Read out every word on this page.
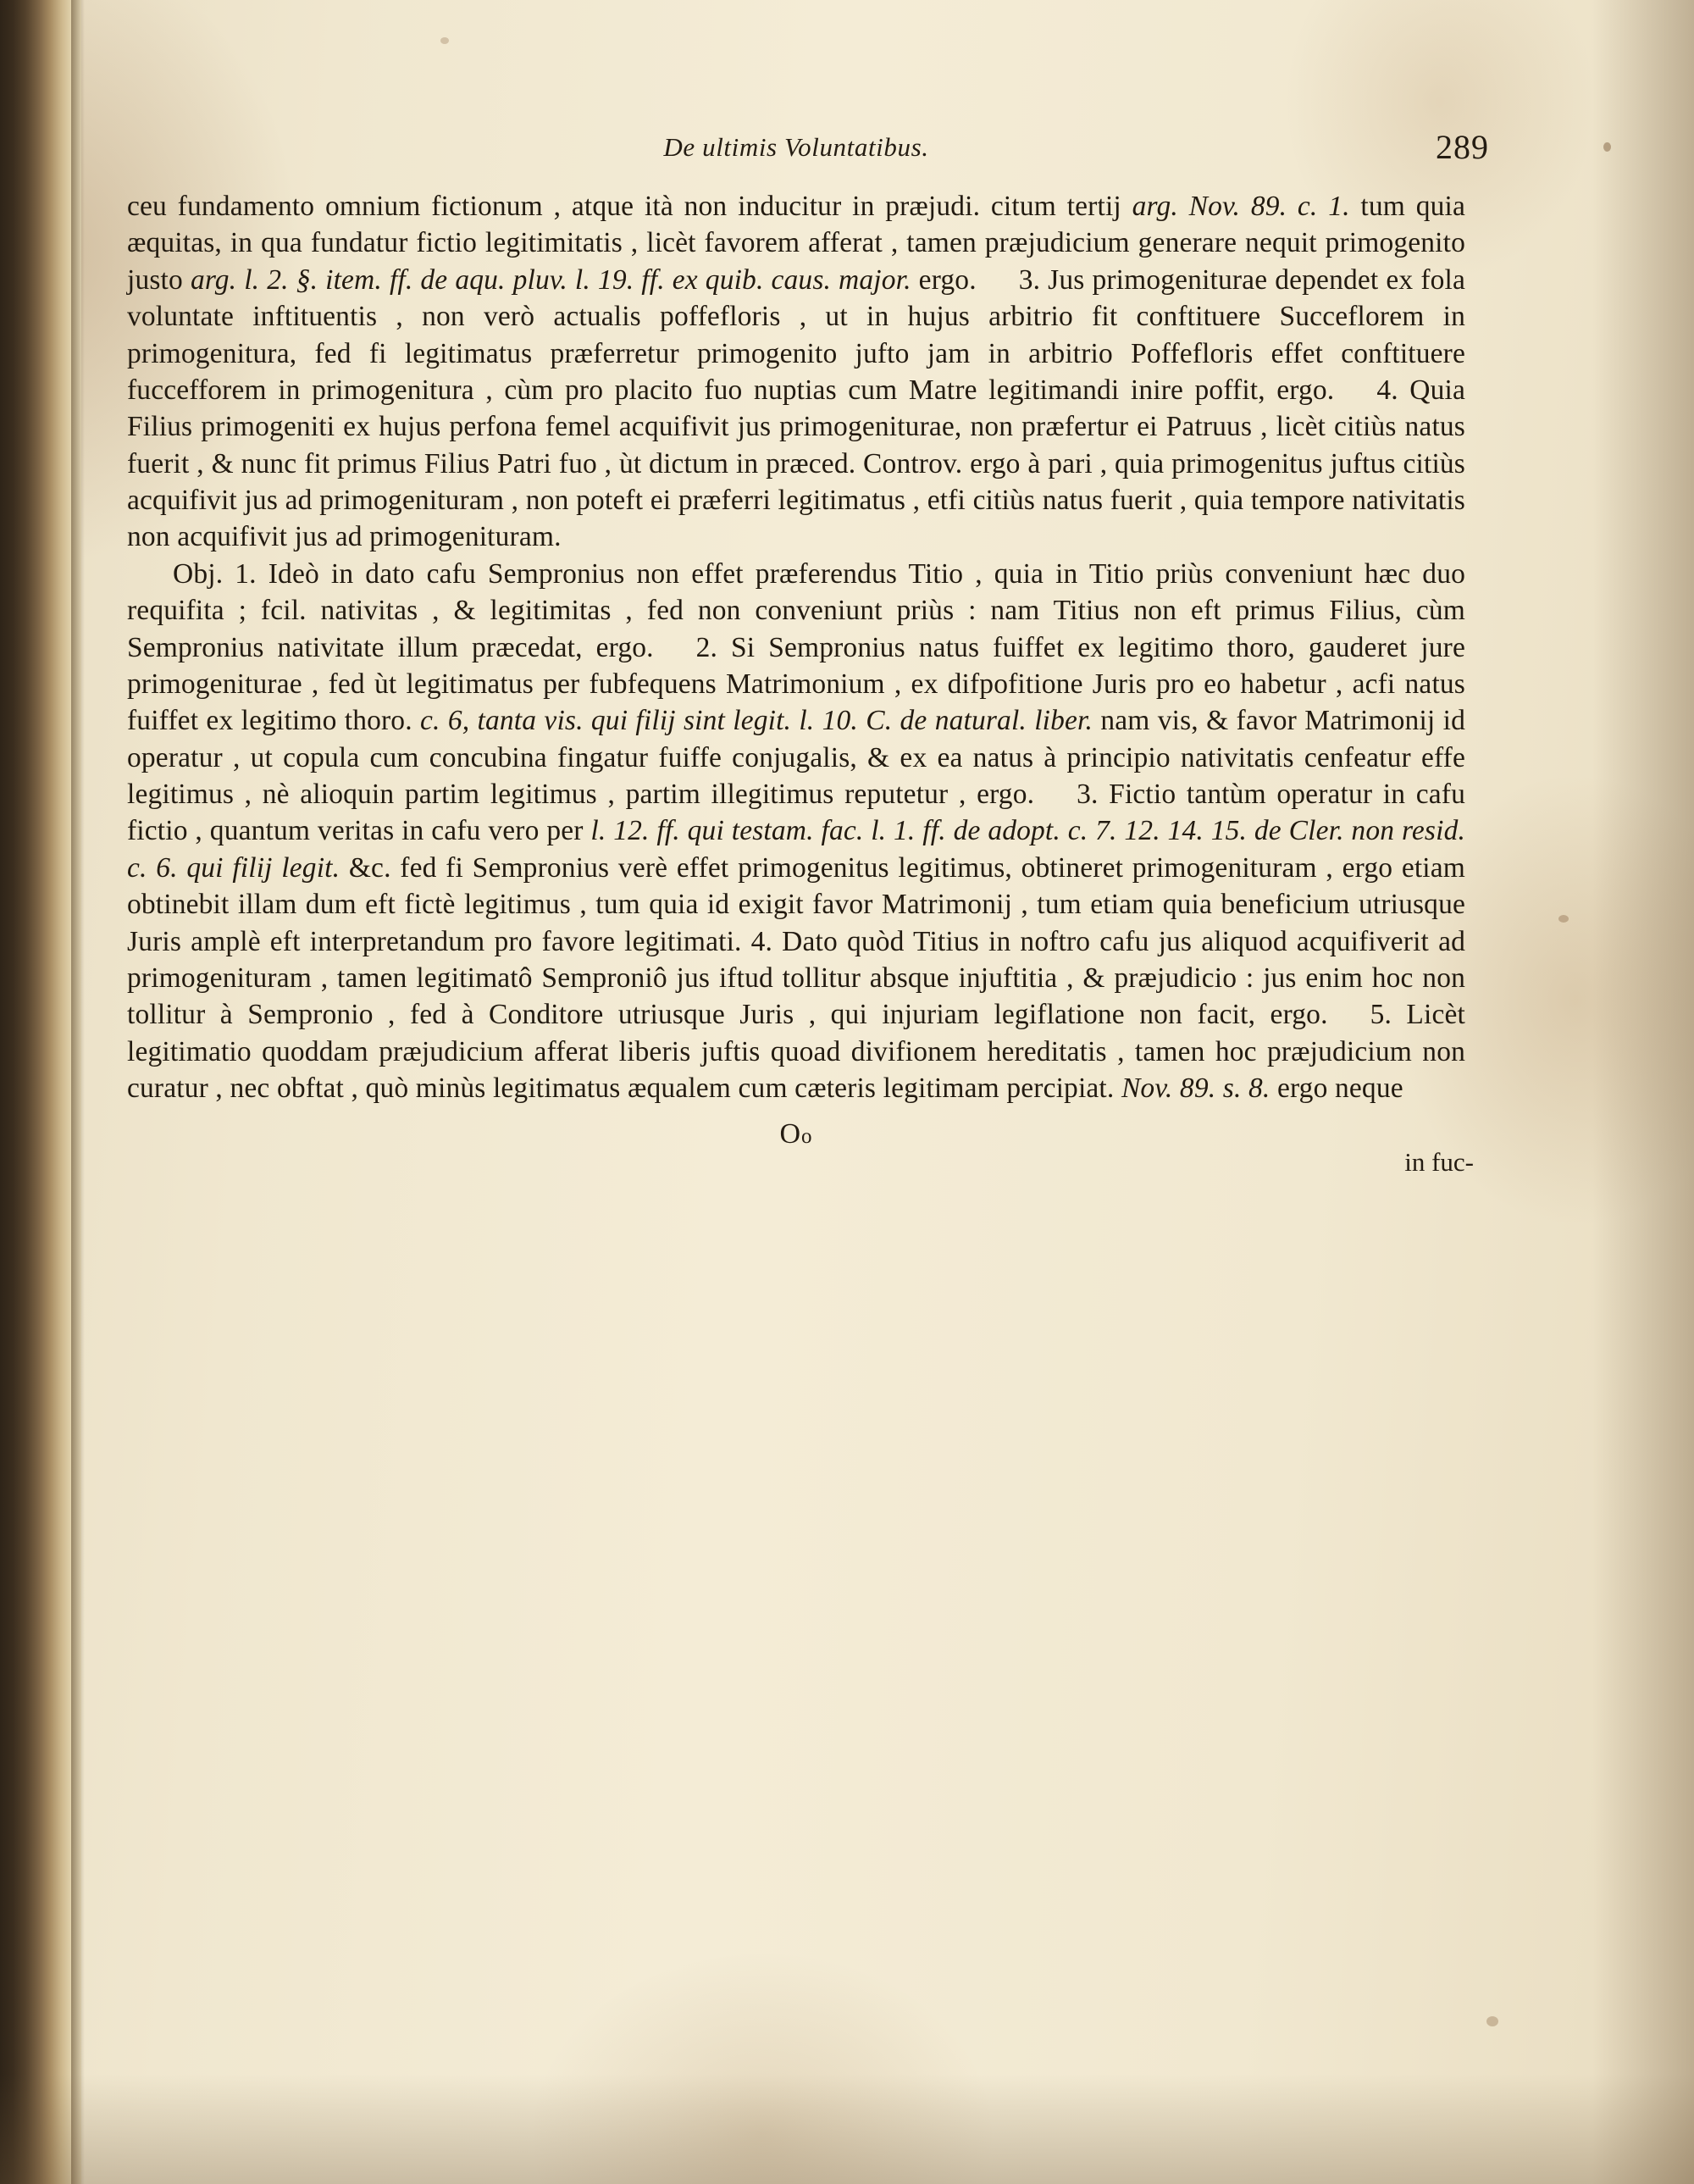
De ultimis Voluntatibus.	289

ceu fundamento omnium fictionum , atque ità non inducitur in præjudi. citum tertij arg. Nov. 89. c. 1. tum quia æquitas, in qua fundatur fictio legitimitatis , licèt favorem afferat , tamen præjudicium generare nequit primogenito justo arg. l. 2. §. item. ff. de aqu. pluv. l. 19. ff. ex quib. caus. major. ergo. 3. Jus primogeniturae dependet ex fola voluntate inftituentis , non verò actualis poffefloris , ut in hujus arbitrio fit conftituere Succeflorem in primogenitura, fed fi legitimatus præferretur primogenito jufto jam in arbitrio Poffefloris effet conftituere fuccefforem in primogenitura , cùm pro placito fuo nuptias cum Matre legitimandi inire poffit, ergo. 4. Quia Filius primogeniti ex hujus perfona femel acquifivit jus primogeniturae, non præfertur ei Patruus , licèt citiùs natus fuerit , & nunc fit primus Filius Patri fuo , ùt dictum in præced. Controv. ergo à pari , quia primogenitus juftus citiùs acquifivit jus ad primogenituram , non poteft ei præferri legitimatus , etfi citiùs natus fuerit , quia tempore nativitatis non acquifivit jus ad primogenituram.

Obj. 1. Ideò in dato cafu Sempronius non effet præferendus Titio , quia in Titio priùs conveniunt hæc duo requifita ; fcil. nativitas , & legitimitas , fed non conveniunt priùs : nam Titius non eft primus Filius, cùm Sempronius nativitate illum præcedat, ergo. 2. Si Sempronius natus fuiffet ex legitimo thoro, gauderet jure primogeniturae , fed ùt legitimatus per fubfequens Matrimonium , ex difpofitione Juris pro eo habetur , acfi natus fuiffet ex legitimo thoro. c. 6, tanta vis. qui filij sint legit. l. 10. C. de natural. liber. nam vis, & favor Matrimonij id operatur , ut copula cum concubina fingatur fuiffe conjugalis, & ex ea natus à principio nativitatis cenfeatur effe legitimus , nè alioquin partim legitimus , partim illegitimus reputetur , ergo. 3. Fictio tantùm operatur in cafu fictio , quantum veritas in cafu vero per l. 12. ff. qui testam. fac. l. 1. ff. de adopt. c. 7. 12. 14. 15. de Cler. non resid. c. 6. qui filij legit. &c. fed fi Sempronius verè effet primogenitus legitimus, obtineret primogenituram , ergo etiam obtinebit illam dum eft fictè legitimus , tum quia id exigit favor Matrimonij , tum etiam quia beneficium utriusque Juris amplè eft interpretandum pro favore legitimati. 4. Dato quòd Titius in noftro cafu jus aliquod acquifiverit ad primogenituram , tamen legitimatô Semproniô jus iftud tollitur absque injuftitia , & præjudicio : jus enim hoc non tollitur à Sempronio , fed à Conditore utriusque Juris , qui injuriam legiflatione non facit, ergo. 5. Licèt legitimatio quoddam præjudicium afferat liberis juftis quoad divifionem hereditatis , tamen hoc præjudicium non curatur , nec obftat , quò minùs legitimatus æqualem cum cæteris legitimam percipiat. Nov. 89. s. 8. ergo neque

Oo
in fuc-
